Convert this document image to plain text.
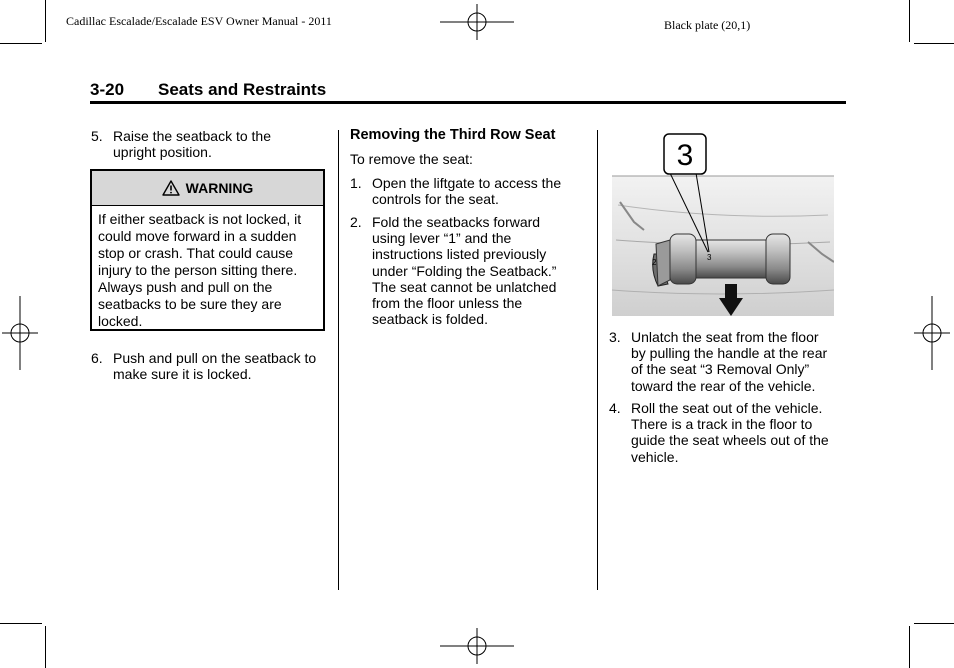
Cadillac Escalade/Escalade ESV Owner Manual - 2011	Black plate (20,1)
3-20 Seats and Restraints
5. Raise the seatback to the
upright position.
WARNING
If either seatback is not locked, it
could move forward in a sudden
stop or crash. That could cause
injury to the person sitting there.
Always push and pull on the
seatbacks to be sure they are
locked.
6. Push and pull on the seatback to
make sure it is locked.
Removing the Third Row Seat
To remove the seat:
1. Open the liftgate to access the
controls for the seat.
2. Fold the seatbacks forward
using lever “1” and the
instructions listed previously
under “Folding the Seatback.”
The seat cannot be unlatched
from the floor unless the
seatback is folded.
2
3
3
3. Unlatch the seat from the floor
by pulling the handle at the rear
of the seat “3 Removal Only”
toward the rear of the vehicle.
4. Roll the seat out of the vehicle.
There is a track in the floor to
guide the seat wheels out of the
vehicle.
